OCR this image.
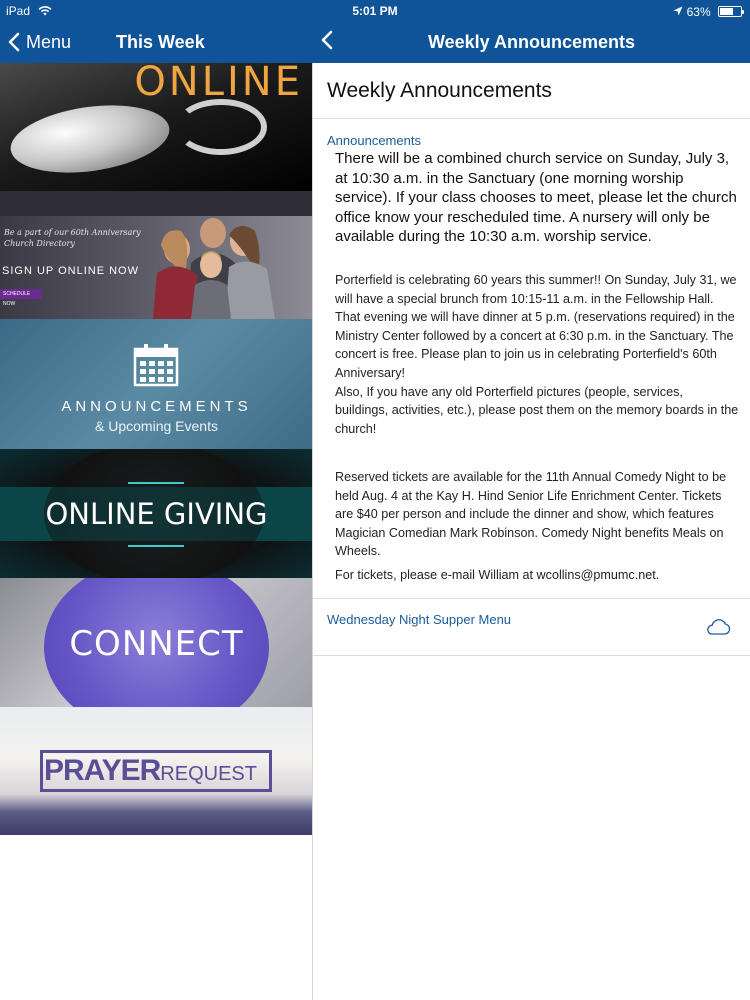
iPad	5:01 PM	63%
Menu This Week	Weekly Announcements
ONLINE
Be a part of our 60th Anniversary Church Directory
SIGN UP ONLINE NOW
SCHEDULE NOW
ANNOUNCEMENTS
& Upcoming Events
ONLINE GIVING
CONNECT
PRAYERREQUEST
Weekly Announcements
Announcements

There will be a combined church service on Sunday, July 3, at 10:30 a.m. in the Sanctuary (one morning worship service). If your class chooses to meet, please let the church office know your rescheduled time. A nursery will only be available during the 10:30 a.m. worship service.

Porterfield is celebrating 60 years this summer!! On Sunday, July 31, we will have a special brunch from 10:15-11 a.m. in the Fellowship Hall. That evening we will have dinner at 5 p.m. (reservations required) in the Ministry Center followed by a concert at 6:30 p.m. in the Sanctuary. The concert is free. Please plan to join us in celebrating Porterfield's 60th Anniversary!

Also, If you have any old Porterfield pictures (people, services, buildings, activities, etc.), please post them on the memory boards in the church!

Reserved tickets are available for the 11th Annual Comedy Night to be held Aug. 4 at the Kay H. Hind Senior Life Enrichment Center. Tickets are $40 per person and include the dinner and show, which features Magician Comedian Mark Robinson. Comedy Night benefits Meals on Wheels.

For tickets, please e-mail William at wcollins@pmumc.net.

Wednesday Night Supper Menu
